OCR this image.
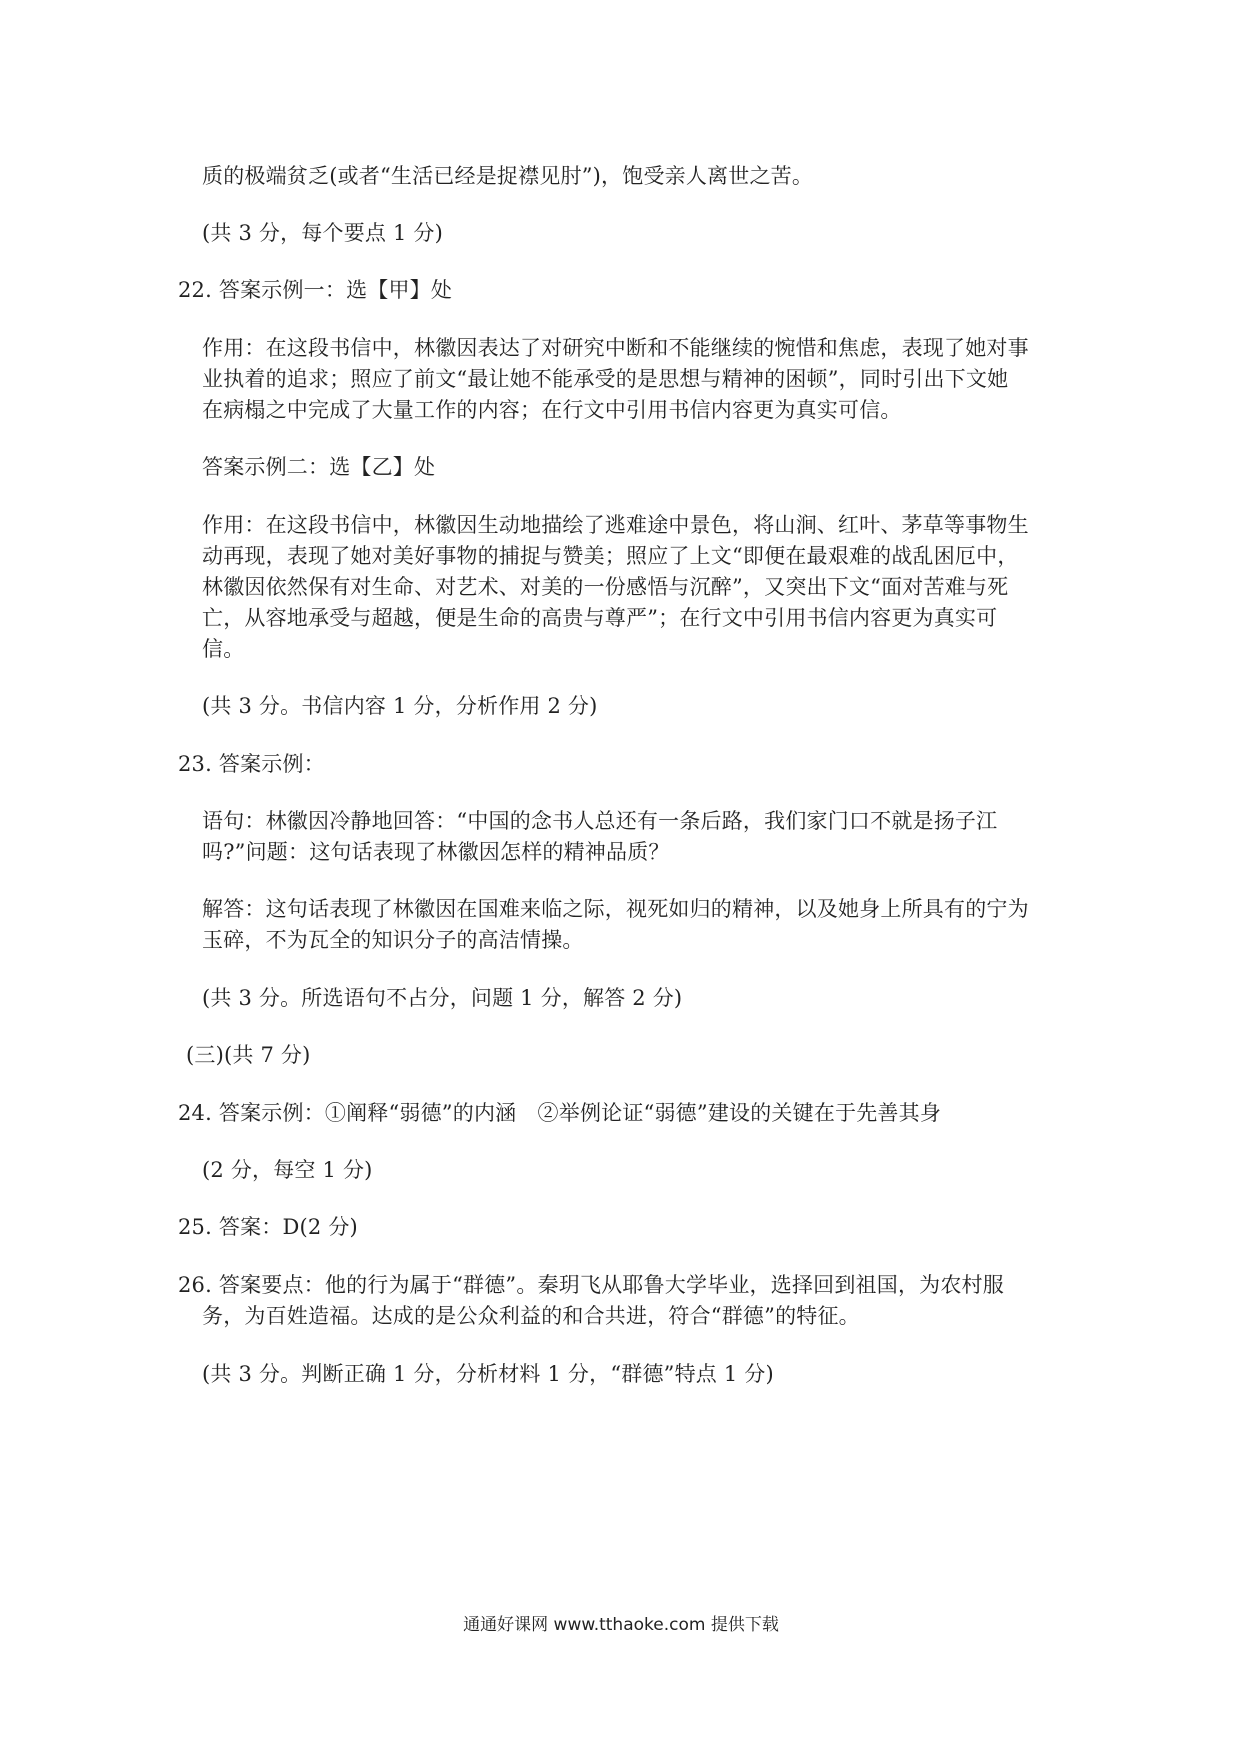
质的极端贫乏(或者“生活已经是捉襟见肘”)，饱受亲人离世之苦。
(共 3 分，每个要点 1 分)
22. 答案示例一：选【甲】处
作用：在这段书信中，林徽因表达了对研究中断和不能继续的惋惜和焦虑，表现了她对事
业执着的追求；照应了前文“最让她不能承受的是思想与精神的困顿”，同时引出下文她
在病榻之中完成了大量工作的内容；在行文中引用书信内容更为真实可信。
答案示例二：选【乙】处
作用：在这段书信中，林徽因生动地描绘了逃难途中景色，将山涧、红叶、茅草等事物生
动再现，表现了她对美好事物的捕捉与赞美；照应了上文“即便在最艰难的战乱困厄中，
林徽因依然保有对生命、对艺术、对美的一份感悟与沉醉”，又突出下文“面对苦难与死
亡，从容地承受与超越，便是生命的高贵与尊严”；在行文中引用书信内容更为真实可
信。
(共 3 分。书信内容 1 分，分析作用 2 分)
23. 答案示例：
语句：林徽因冷静地回答：“中国的念书人总还有一条后路，我们家门口不就是扬子江
吗?”问题：这句话表现了林徽因怎样的精神品质？
解答：这句话表现了林徽因在国难来临之际，视死如归的精神，以及她身上所具有的宁为
玉碎，不为瓦全的知识分子的高洁情操。
(共 3 分。所选语句不占分，问题 1 分，解答 2 分)
(三)(共 7 分)
24. 答案示例：①阐释“弱德”的内涵　②举例论证“弱德”建设的关键在于先善其身
(2 分，每空 1 分)
25. 答案：D(2 分)
26. 答案要点：他的行为属于“群德”。秦玥飞从耶鲁大学毕业，选择回到祖国，为农村服
务，为百姓造福。达成的是公众利益的和合共进，符合“群德”的特征。
(共 3 分。判断正确 1 分，分析材料 1 分，“群德”特点 1 分)
通通好课网 www.tthaoke.com 提供下载
